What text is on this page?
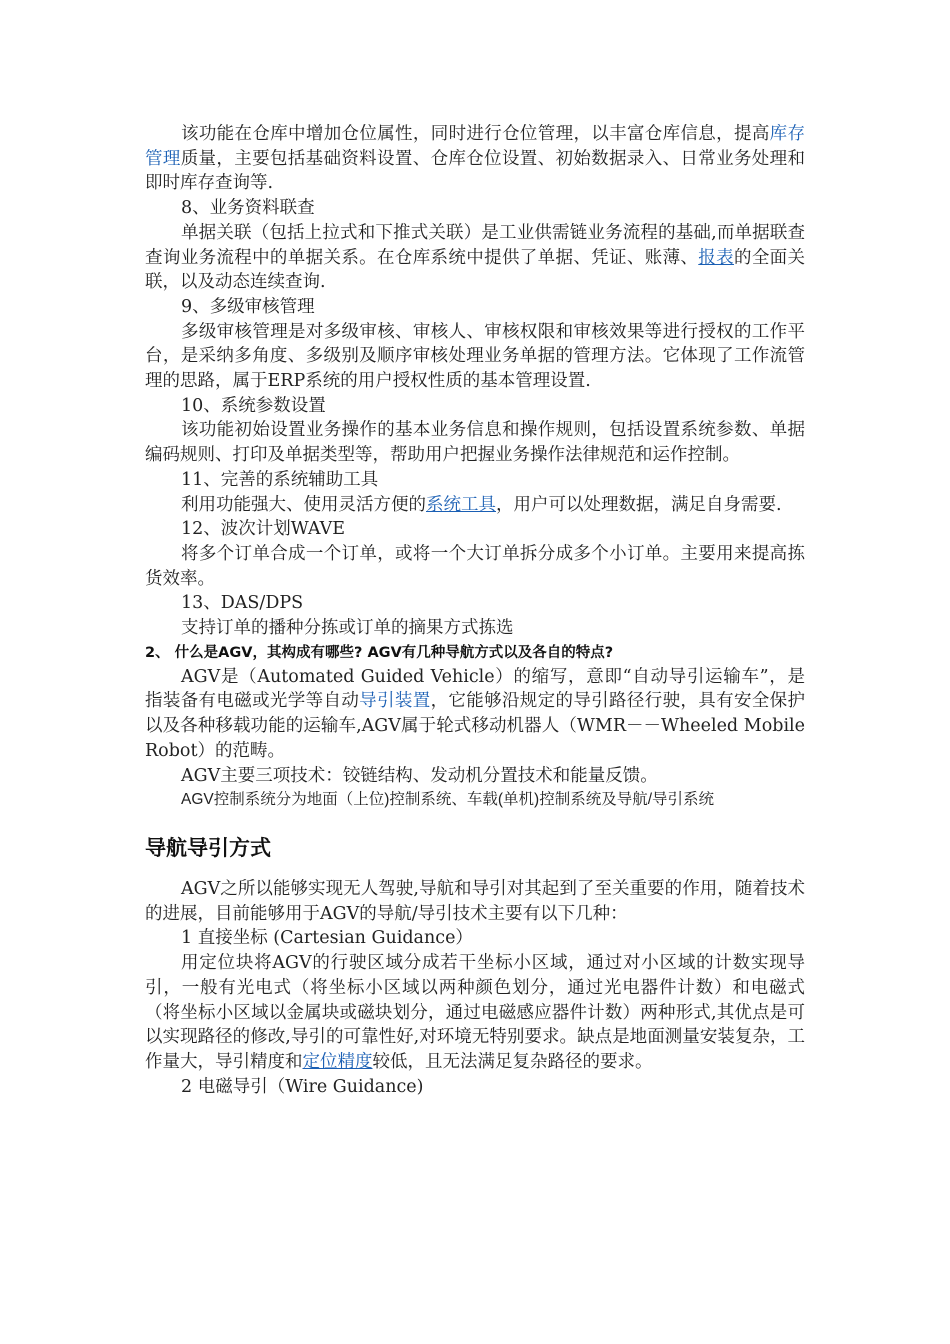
该功能在仓库中增加仓位属性，同时进行仓位管理，以丰富仓库信息，提高库存管理质量，主要包括基础资料设置、仓库仓位设置、初始数据录入、日常业务处理和即时库存查询等.

8、业务资料联查

单据关联（包括上拉式和下推式关联）是工业供需链业务流程的基础,而单据联查查询业务流程中的单据关系。在仓库系统中提供了单据、凭证、账薄、报表的全面关联，以及动态连续查询.

9、多级审核管理

多级审核管理是对多级审核、审核人、审核权限和审核效果等进行授权的工作平台，是采纳多角度、多级别及顺序审核处理业务单据的管理方法。它体现了工作流管理的思路，属于ERP系统的用户授权性质的基本管理设置.

10、系统参数设置

该功能初始设置业务操作的基本业务信息和操作规则，包括设置系统参数、单据编码规则、打印及单据类型等，帮助用户把握业务操作法律规范和运作控制。

11、完善的系统辅助工具

利用功能强大、使用灵活方便的系统工具，用户可以处理数据，满足自身需要.

12、波次计划WAVE

将多个订单合成一个订单，或将一个大订单拆分成多个小订单。主要用来提高拣货效率。

13、DAS/DPS

支持订单的播种分拣或订单的摘果方式拣选

2、 什么是AGV，其构成有哪些? AGV有几种导航方式以及各自的特点?

AGV是（Automated Guided Vehicle）的缩写，意即“自动导引运输车”，是指装备有电磁或光学等自动导引装置，它能够沿规定的导引路径行驶，具有安全保护以及各种移载功能的运输车,AGV属于轮式移动机器人（WMR－－Wheeled Mobile Robot）的范畴。

AGV主要三项技术：铰链结构、发动机分置技术和能量反馈。

AGV控制系统分为地面（上位)控制系统、车载(单机)控制系统及导航/导引系统

导航导引方式

AGV之所以能够实现无人驾驶,导航和导引对其起到了至关重要的作用，随着技术的进展，目前能够用于AGV的导航/导引技术主要有以下几种：

1 直接坐标 (Cartesian Guidance）

用定位块将AGV的行驶区域分成若干坐标小区域，通过对小区域的计数实现导引，一般有光电式（将坐标小区域以两种颜色划分，通过光电器件计数）和电磁式（将坐标小区域以金属块或磁块划分，通过电磁感应器件计数）两种形式,其优点是可以实现路径的修改,导引的可靠性好,对环境无特别要求。缺点是地面测量安装复杂，工作量大，导引精度和定位精度较低，且无法满足复杂路径的要求。

2 电磁导引（Wire Guidance)
